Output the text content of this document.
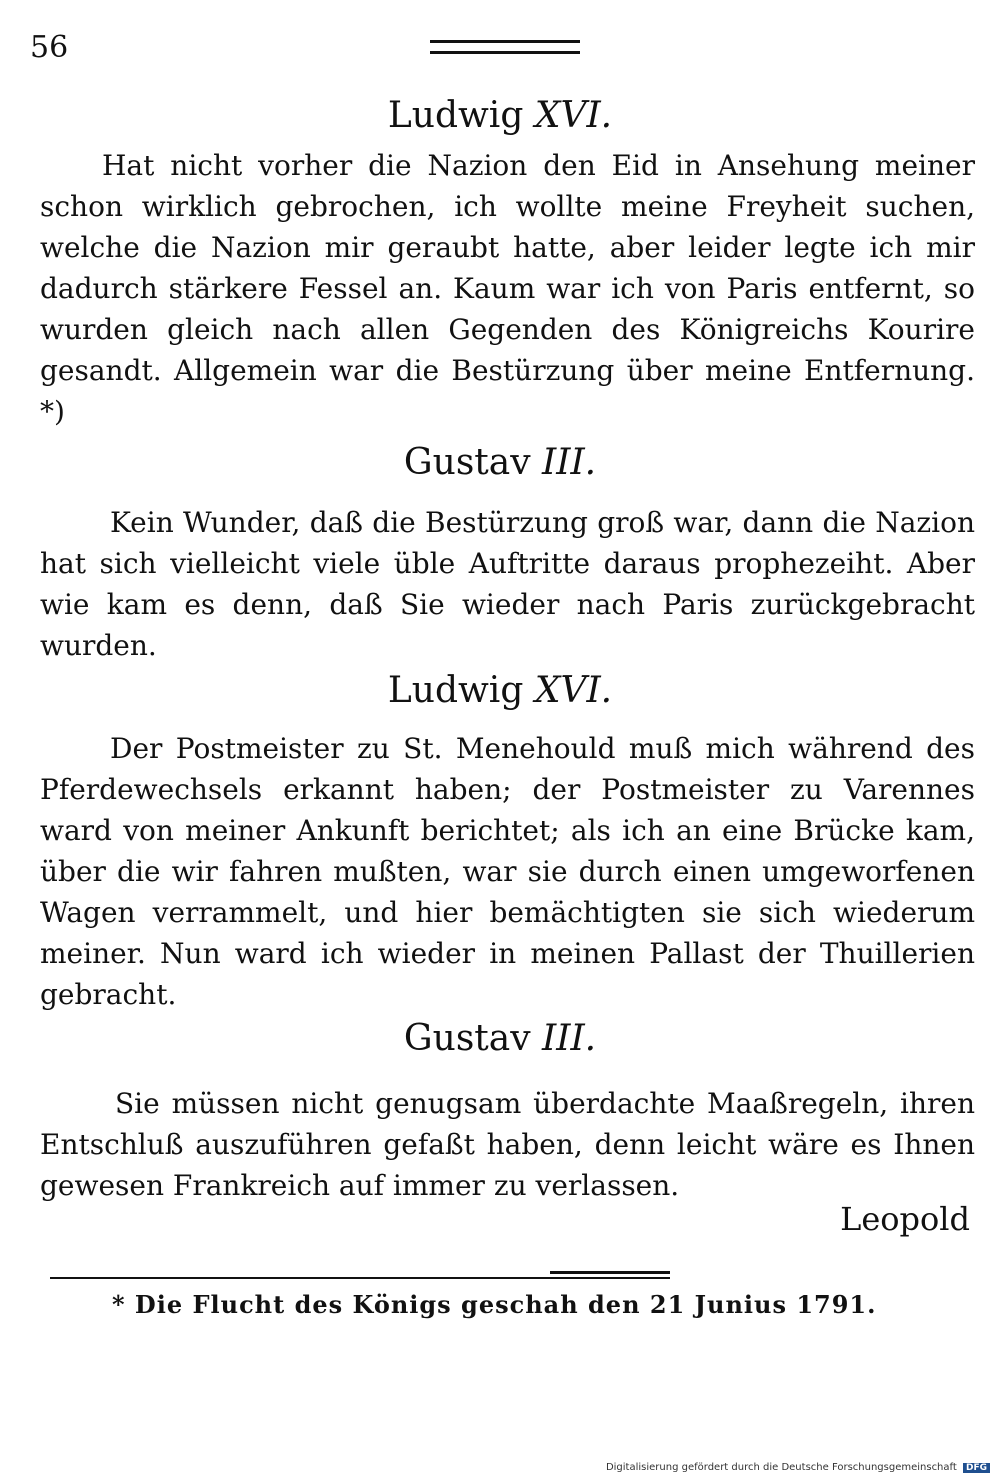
56
Ludwig XVI.

Hat nicht vorher die Nazion den Eid in Ansehung meiner schon wirklich gebrochen, ich wollte meine Freyheit suchen, welche die Nazion mir geraubt hatte, aber leider legte ich mir dadurch stärkere Fessel an. Kaum war ich von Paris entfernt, so wurden gleich nach allen Gegenden des Königreichs Kourire gesandt. Allgemein war die Bestürzung über meine Entfernung. *)

Gustav III.

Kein Wunder, daß die Bestürzung groß war, dann die Nazion hat sich vielleicht viele üble Auftritte daraus prophezeiht. Aber wie kam es denn, daß Sie wieder nach Paris zurückgebracht wurden.

Ludwig XVI.

Der Postmeister zu St. Menehould muß mich während des Pferdewechsels erkannt haben; der Postmeister zu Varennes ward von meiner Ankunft berichtet; als ich an eine Brücke kam, über die wir fahren mußten, war sie durch einen umgeworfenen Wagen verrammelt, und hier bemächtigten sie sich wiederum meiner. Nun ward ich wieder in meinen Pallast der Thuillerien gebracht.

Gustav III.

Sie müssen nicht genugsam überdachte Maaßregeln, ihren Entschluß auszuführen gefaßt haben, denn leicht wäre es Ihnen gewesen Frankreich auf immer zu verlassen.

Leopold
* Die Flucht des Königs geschah den 21 Junius 1791.
Digitalisierung gefördert durch die Deutsche Forschungsgemeinschaft DFG
